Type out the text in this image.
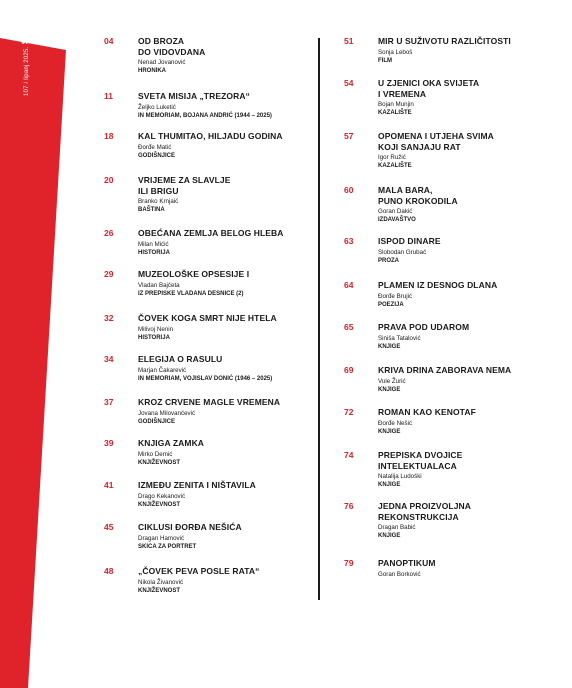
107 / lipanj 2025. SADRŽAJ	04	OD BROZA
DO VIDOVDANA
Nenad Jovanović
HRONIKA
11	SVETA MISIJA „TREZORA“
Željko Luketić
IN MEMORIAM, BOJANA ANDRIĆ (1944 – 2025)
18	KAL THUMITAO, HILJADU GODINA
Đorđe Matić
GODIŠNJICE
20	VRIJEME ZA SLAVLJE
ILI BRIGU
Branko Krnjaić
BAŠTINA
26	OBEĆANA ZEMLJA BELOG HLEBA
Milan Mićić
HISTORIJA
29	MUZEOLOŠKE OPSESIJE I
Vladan Bajčeta
IZ PREPISKE VLADANA DESNICE (2)
32	ČOVEK KOGA SMRT NIJE HTELA
Milivoj Nenin
HISTORIJA
34	ELEGIJA O RASULU
Marjan Čakarević
IN MEMORIAM, VOJISLAV DONIĆ (1946 – 2025)
37	KROZ CRVENE MAGLE VREMENA
Jovana Milovančević
GODIŠNJICE
39	KNJIGA ZAMKA
Mirko Demić
KNJIŽEVNOST
41	IZMEĐU ZENITA I NIŠTAVILA
Drago Kekanović
KNJIŽEVNOST
45	CIKLUSI ĐORĐA NEŠIĆA
Dragan Hamović
SKICA ZA PORTRET
48	„ČOVEK PEVA POSLE RATA“
Nikola Živanović
KNJIŽEVNOST
51	MIR U SUŽIVOTU RAZLIČITOSTI
Sonja Leboš
FILM
54	U ZJENICI OKA SVIJETA
I VREMENA
Bojan Munjin
KAZALIŠTE
57	OPOMENA I UTJEHA SVIMA
KOJI SANJAJU RAT
Igor Ružić
KAZALIŠTE
60	MALA BARA,
PUNO KROKODILA
Goran Dakić
IZDAVAŠTVO
63	ISPOD DINARE
Slobodan Grubač
PROZA
64	PLAMEN IZ DESNOG DLANA
Đorđe Brujić
POEZIJA
65	PRAVA POD UDAROM
Siniša Tatalović
KNJIGE
69	KRIVA DRINA ZABORAVA NEMA
Vule Žurić
KNJIGE
72	ROMAN KAO KENOTAF
Đorđe Nešić
KNJIGE
74	PREPISKA DVOJICE
INTELEKTUALACA
Natalija Ludoški
KNJIGE
76	JEDNA PROIZVOLJNA
REKONSTRUKCIJA
Dragan Babić
KNJIGE
79	PANOPTIKUM
Goran Borković
